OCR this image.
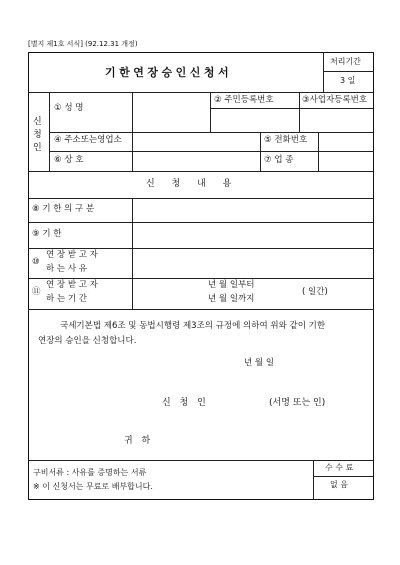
[별지 제1호 서식] (92.12.31 개정)
기한연장승인신청서
처리기간
3 일
신
청
인
① 성 명
② 주민등록번호	③사업자등록번호
④ 주소또는영업소	⑤ 전화번호
⑥ 상 호	⑦ 업 종
신 청 내 용
⑧ 기 한 의 구 분
⑨ 기 한
⑩
연 장 받 고 자
하 는 사 유
⑪
연 장 받 고 자
하 는 기 간
년 월 일부터
년 월 일까지
( 일간)
국세기본법 제6조 및 동법시행령 제3조의 규정에 의하여 위와 같이 기한
연장의 승인을 신청합니다.
년 월 일
신 청 인	(서명 또는 인)
귀 하
구비서류 : 사유를 증명하는 서류
※ 이 신청서는 무료로 배부합니다.
수 수 료
없 음
